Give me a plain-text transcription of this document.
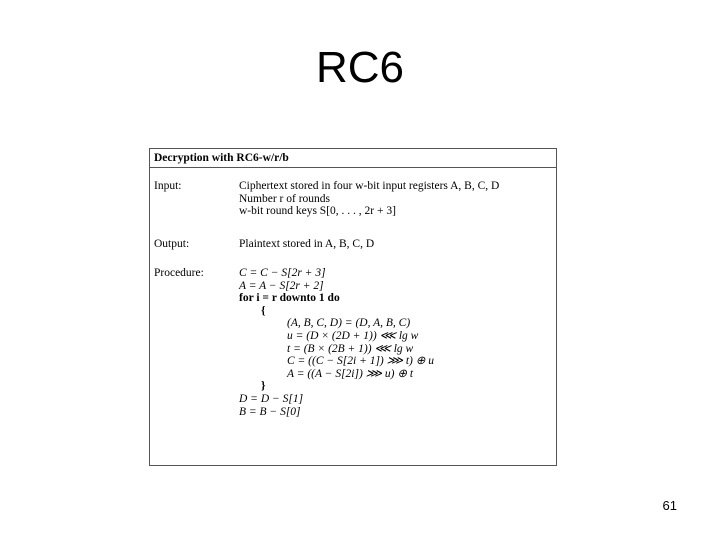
RC6
Decryption with RC6-w/r/b
Input:	Ciphertext stored in four w-bit input registers A, B, C, D
Number r of rounds
w-bit round keys S[0, . . . , 2r + 3]
Output:	Plaintext stored in A, B, C, D
Procedure:	C = C − S[2r + 3]
A = A − S[2r + 2]
for i = r downto 1 do
{
(A, B, C, D) = (D, A, B, C)
u = (D × (2D + 1)) ⋘ lg w
t = (B × (2B + 1)) ⋘ lg w
C = ((C − S[2i + 1]) ⋙ t) ⊕ u
A = ((A − S[2i]) ⋙ u) ⊕ t
}
D = D − S[1]
B = B − S[0]
61
